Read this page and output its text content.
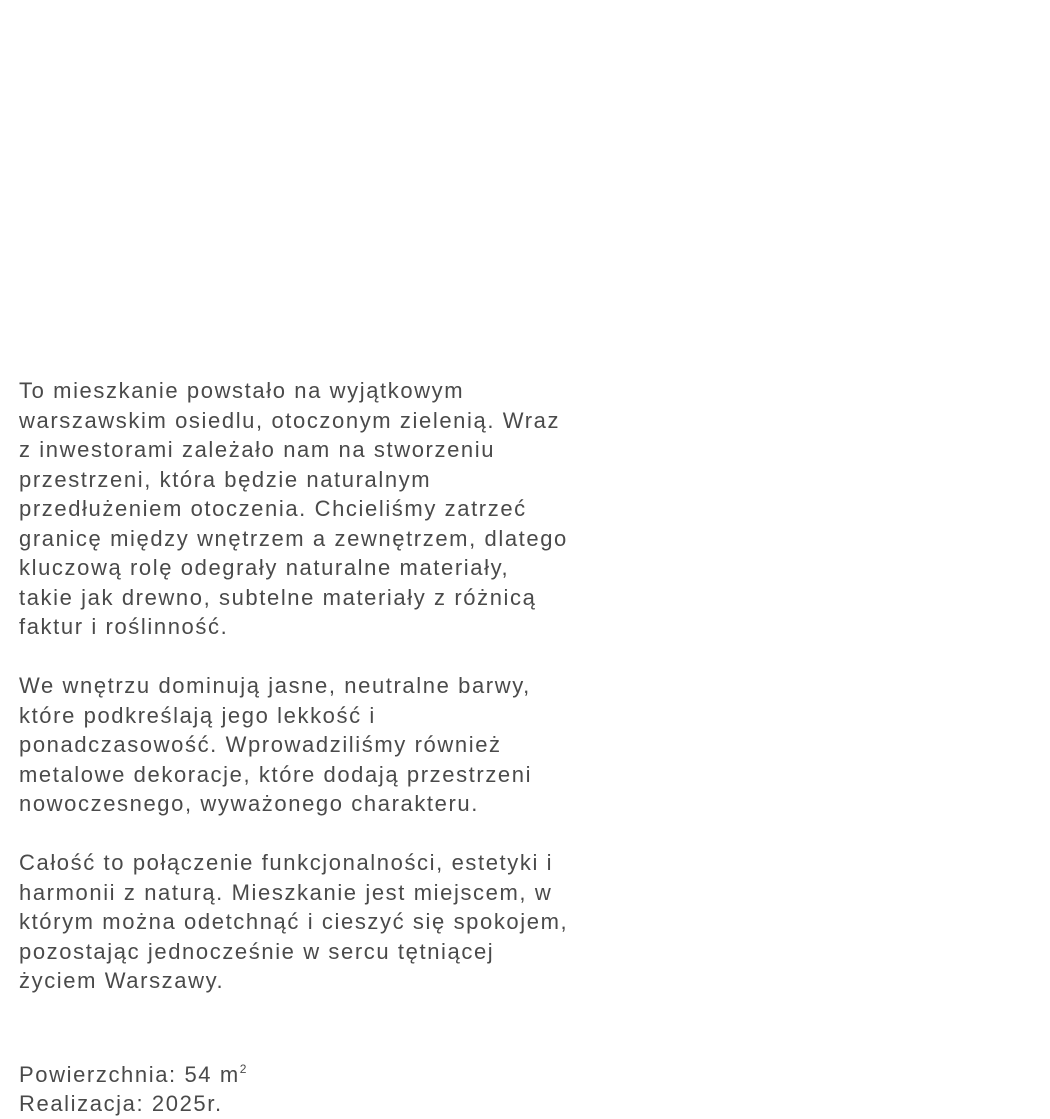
To mieszkanie powstało na wyjątkowym
warszawskim osiedlu, otoczonym zielenią. Wraz
z inwestorami zależało nam na stworzeniu
przestrzeni, która będzie naturalnym
przedłużeniem otoczenia. Chcieliśmy zatrzeć
granicę między wnętrzem a zewnętrzem, dlatego
kluczową rolę odegrały naturalne materiały,
takie jak drewno, subtelne materiały z różnicą
faktur i roślinność.
We wnętrzu dominują jasne, neutralne barwy,
które podkreślają jego lekkość i
ponadczasowość. Wprowadziliśmy również
metalowe dekoracje, które dodają przestrzeni
nowoczesnego, wyważonego charakteru.
Całość to połączenie funkcjonalności, estetyki i
harmonii z naturą. Mieszkanie jest miejscem, w
którym można odetchnąć i cieszyć się spokojem,
pozostając jednocześnie w sercu tętniącej
życiem Warszawy.
Powierzchnia: 54 $m^2$
Realizacja: 2025r.
